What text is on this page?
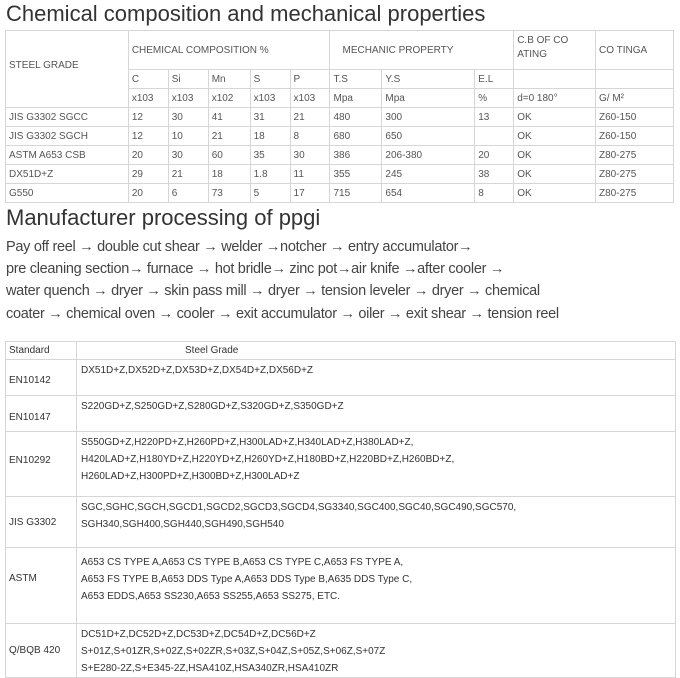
Chemical composition and mechanical properties
STEEL GRADE	CHEMICAL COMPOSITION %					MECHANIC PROPERTY			C.B OF CO ATING	CO TINGA
	C	Si	Mn	S	P	T.S	Y.S	E.L		
	x103	x103	x102	x103	x103	Mpa	Mpa	%	d=0 180°	G/ M²
JIS G3302 SGCC	12	30	41	31	21	480	300	13	OK	Z60-150
JIS G3302 SGCH	12	10	21	18	8	680	650		OK	Z60-150
ASTM A653 CSB	20	30	60	35	30	386	206-380	20	OK	Z80-275
DX51D+Z	29	21	18	1.8	11	355	245	38	OK	Z80-275
G550	20	6	73	5	17	715	654	8	OK	Z80-275
Manufacturer processing of ppgi
Pay off reel → double cut shear → welder →notcher → entry accumulator→
pre cleaning section→ furnace → hot bridle→ zinc pot→air knife →after cooler →
water quench → dryer → skin pass mill → dryer → tension leveler → dryer → chemical
coater → chemical oven → cooler → exit accumulator → oiler → exit shear → tension reel
Standard	Steel Grade
EN10142	DX51D+Z,DX52D+Z,DX53D+Z,DX54D+Z,DX56D+Z

EN10147	S220GD+Z,S250GD+Z,S280GD+Z,S320GD+Z,S350GD+Z

EN10292	S550GD+Z,H220PD+Z,H260PD+Z,H300LAD+Z,H340LAD+Z,H380LAD+Z,
H420LAD+Z,H180YD+Z,H220YD+Z,H260YD+Z,H180BD+Z,H220BD+Z,H260BD+Z,
H260LAD+Z,H300PD+Z,H300BD+Z,H300LAD+Z

JIS G3302	SGC,SGHC,SGCH,SGCD1,SGCD2,SGCD3,SGCD4,SG3340,SGC400,SGC40,SGC490,SGC570,
SGH340,SGH400,SGH440,SGH490,SGH540

ASTM	A653 CS TYPE A,A653 CS TYPE B,A653 CS TYPE C,A653 FS TYPE A,
A653 FS TYPE B,A653 DDS Type A,A653 DDS Type B,A635 DDS Type C,
A653 EDDS,A653 SS230,A653 SS255,A653 SS275, ETC.

Q/BQB 420	DC51D+Z,DC52D+Z,DC53D+Z,DC54D+Z,DC56D+Z
S+01Z,S+01ZR,S+02Z,S+02ZR,S+03Z,S+04Z,S+05Z,S+06Z,S+07Z
S+E280-2Z,S+E345-2Z,HSA410Z,HSA340ZR,HSA410ZR
